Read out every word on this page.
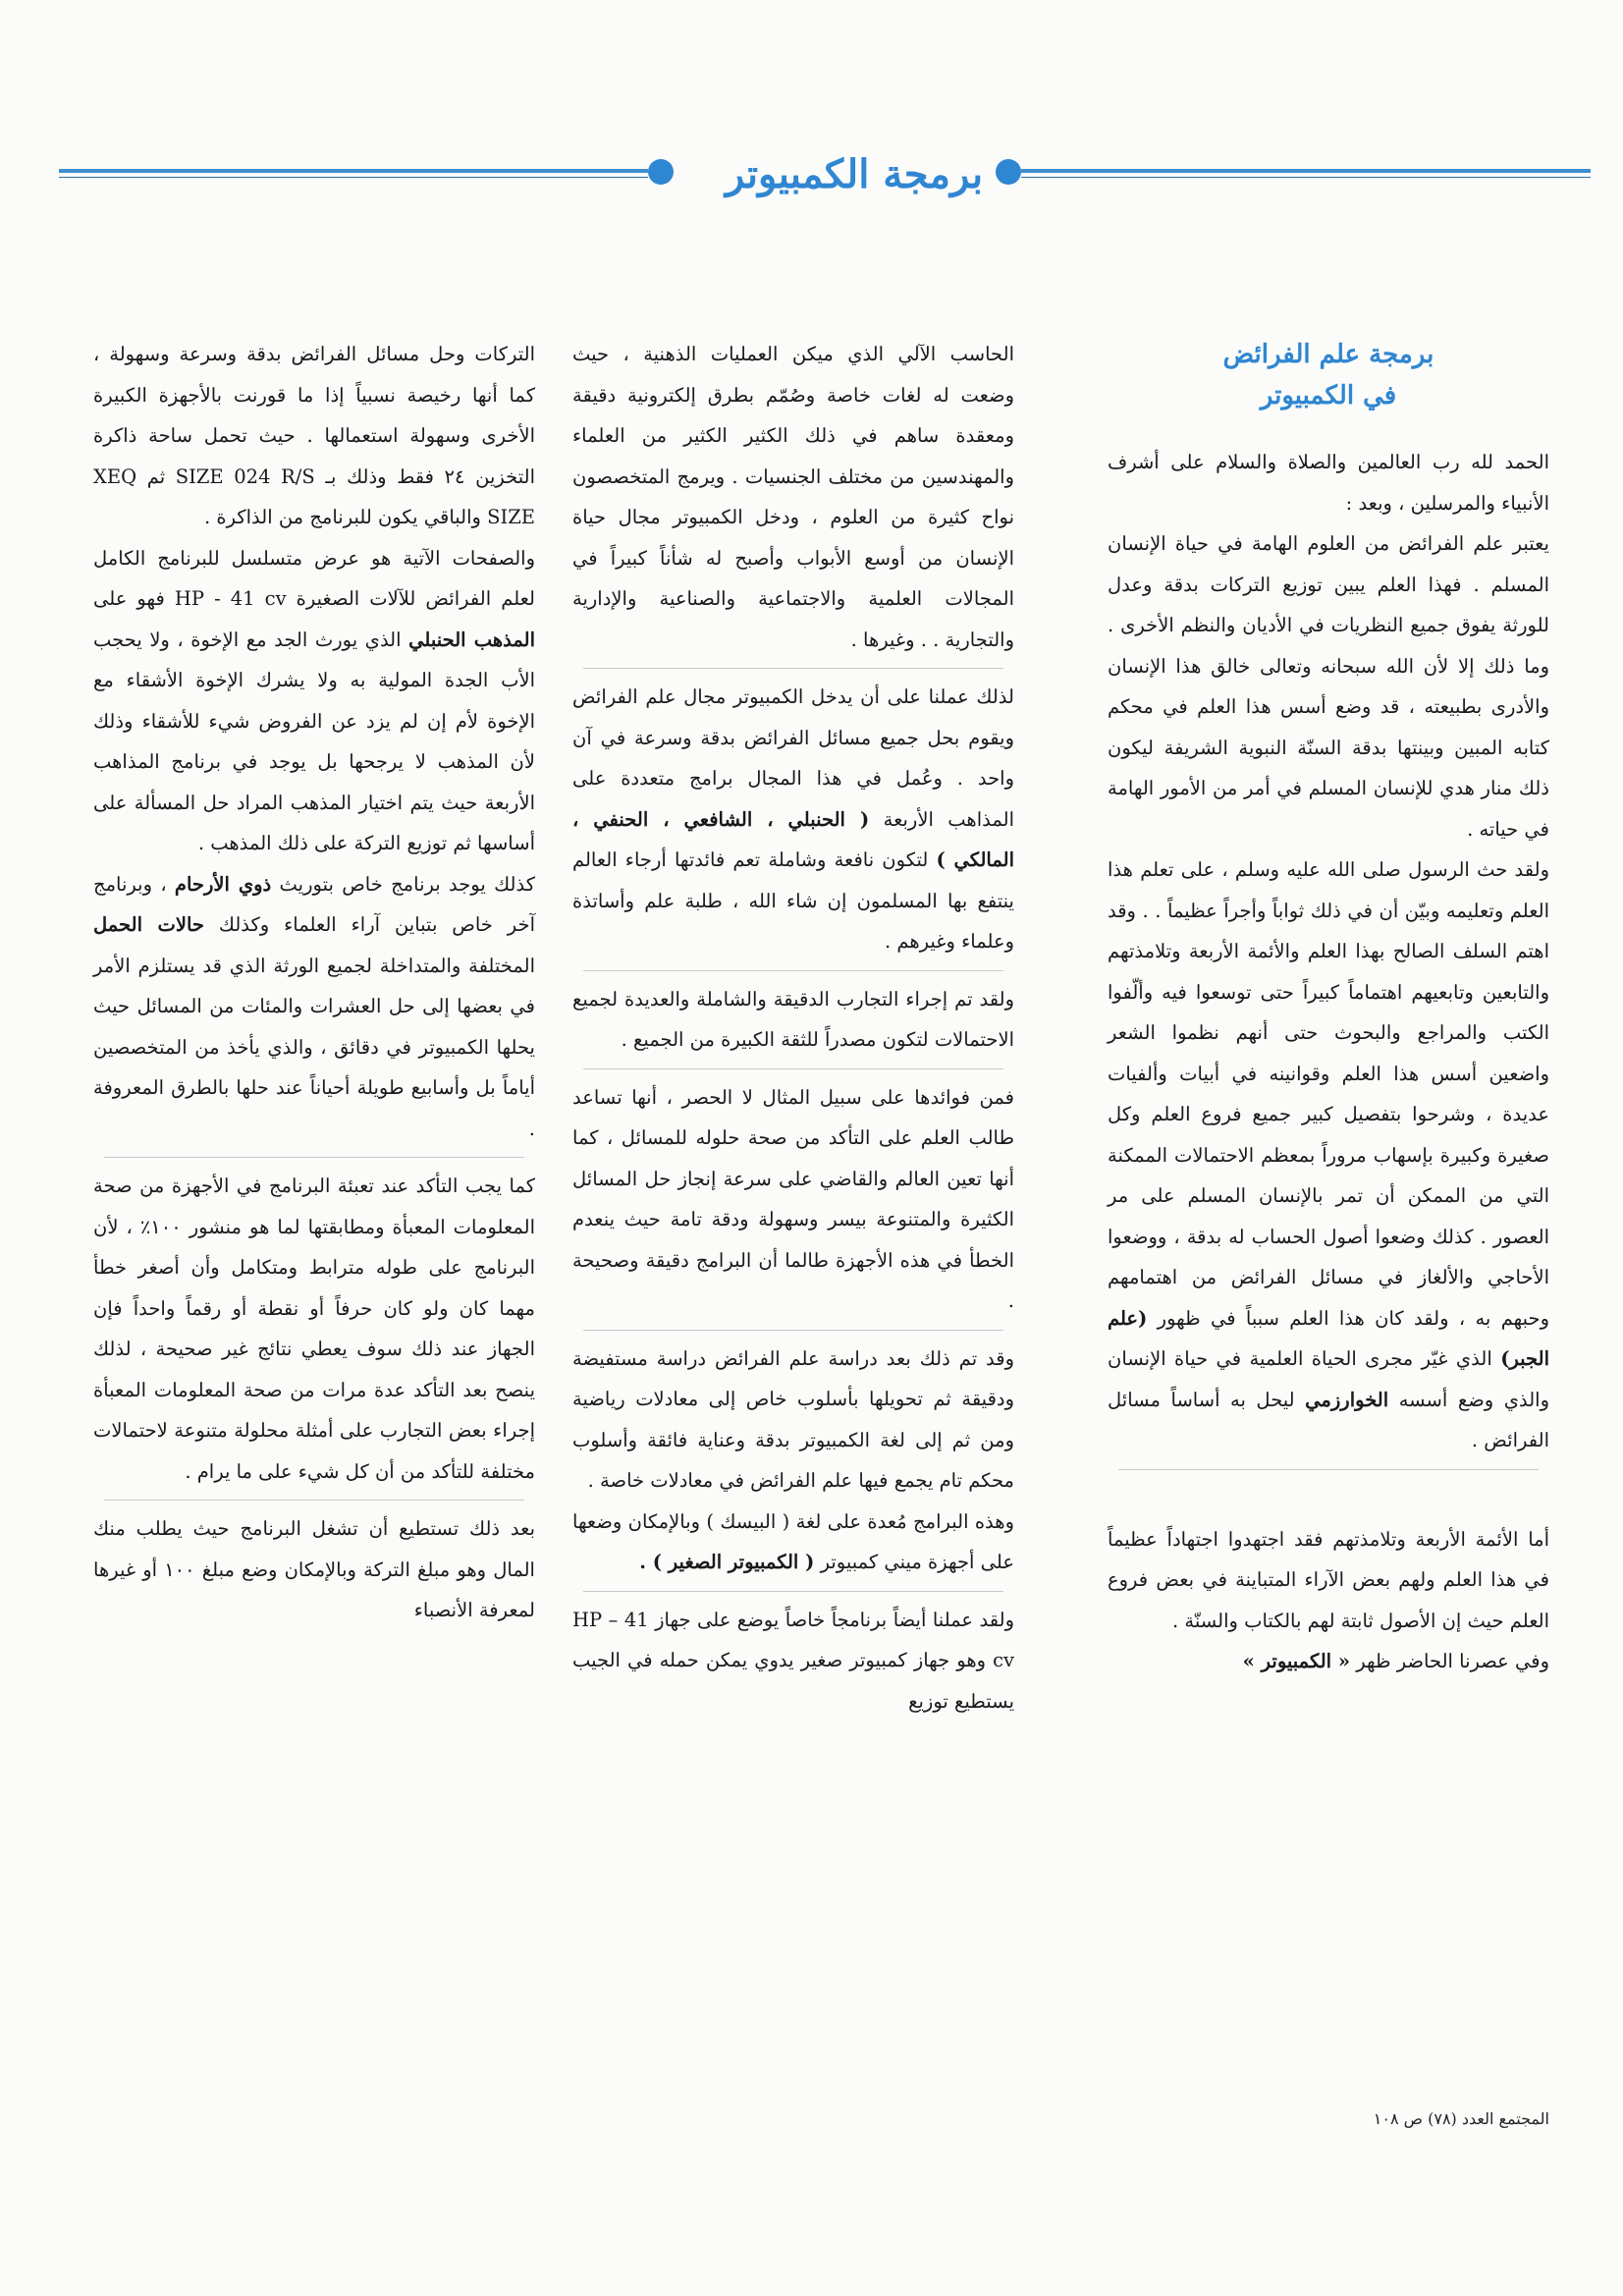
برمجة الكمبيوتر
برمجة علم الفرائض
في الكمبيوتر

الحمد لله رب العالمين والصلاة والسلام على أشرف الأنبياء والمرسلين ، وبعد :

يعتبر علم الفرائض من العلوم الهامة في حياة الإنسان المسلم . فهذا العلم يبين توزيع التركات بدقة وعدل للورثة يفوق جميع النظريات في الأديان والنظم الأخرى . وما ذلك إلا لأن الله سبحانه وتعالى خالق هذا الإنسان والأدرى بطبيعته ، قد وضع أسس هذا العلم في محكم كتابه المبين وبينتها بدقة السنّة النبوية الشريفة ليكون ذلك منار هدي للإنسان المسلم في أمر من الأمور الهامة في حياته .

ولقد حث الرسول صلى الله عليه وسلم ، على تعلم هذا العلم وتعليمه وبيّن أن في ذلك ثواباً وأجراً عظيماً . . وقد اهتم السلف الصالح بهذا العلم والأئمة الأربعة وتلامذتهم والتابعين وتابعيهم اهتماماً كبيراً حتى توسعوا فيه وألّفوا الكتب والمراجع والبحوث حتى أنهم نظموا الشعر واضعين أسس هذا العلم وقوانينه في أبيات وألفيات عديدة ، وشرحوا بتفصيل كبير جميع فروع العلم وكل صغيرة وكبيرة بإسهاب مروراً بمعظم الاحتمالات الممكنة التي من الممكن أن تمر بالإنسان المسلم على مر العصور . كذلك وضعوا أصول الحساب له بدقة ، ووضعوا الأحاجي والألغاز في مسائل الفرائض من اهتمامهم وحبهم به ، ولقد كان هذا العلم سبباً في ظهور (علم الجبر) الذي غيّر مجرى الحياة العلمية في حياة الإنسان والذي وضع أسسه الخوارزمي ليحل به أساساً مسائل الفرائض .

أما الأئمة الأربعة وتلامذتهم فقد اجتهدوا اجتهاداً عظيماً في هذا العلم ولهم بعض الآراء المتباينة في بعض فروع العلم حيث إن الأصول ثابتة لهم بالكتاب والسنّة .

وفي عصرنا الحاضر ظهر « الكمبيوتر »

الحاسب الآلي الذي ميكن العمليات الذهنية ، حيث وضعت له لغات خاصة وصُمّم بطرق إلكترونية دقيقة ومعقدة ساهم في ذلك الكثير الكثير من العلماء والمهندسين من مختلف الجنسيات . ويرمج المتخصصون نواح كثيرة من العلوم ، ودخل الكمبيوتر مجال حياة الإنسان من أوسع الأبواب وأصبح له شأناً كبيراً في المجالات العلمية والاجتماعية والصناعية والإدارية والتجارية . . وغيرها .

لذلك عملنا على أن يدخل الكمبيوتر مجال علم الفرائض ويقوم بحل جميع مسائل الفرائض بدقة وسرعة في آن واحد . وعُمل في هذا المجال برامج متعددة على المذاهب الأربعة ( الحنبلي ، الشافعي ، الحنفي ، المالكي ) لتكون نافعة وشاملة تعم فائدتها أرجاء العالم ينتفع بها المسلمون إن شاء الله ، طلبة علم وأساتذة وعلماء وغيرهم .

ولقد تم إجراء التجارب الدقيقة والشاملة والعديدة لجميع الاحتمالات لتكون مصدراً للثقة الكبيرة من الجميع .

فمن فوائدها على سبيل المثال لا الحصر ، أنها تساعد طالب العلم على التأكد من صحة حلوله للمسائل ، كما أنها تعين العالم والقاضي على سرعة إنجاز حل المسائل الكثيرة والمتنوعة بيسر وسهولة ودقة تامة حيث ينعدم الخطأ في هذه الأجهزة طالما أن البرامج دقيقة وصحيحة .

وقد تم ذلك بعد دراسة علم الفرائض دراسة مستفيضة ودقيقة ثم تحويلها بأسلوب خاص إلى معادلات رياضية ومن ثم إلى لغة الكمبيوتر بدقة وعناية فائقة وأسلوب محكم تام يجمع فيها علم الفرائض في معادلات خاصة .

وهذه البرامج مُعدة على لغة ( البيسك ) وبالإمكان وضعها على أجهزة ميني كمبيوتر ( الكمبيوتر الصغير ) .

ولقد عملنا أيضاً برنامجاً خاصاً يوضع على جهاز HP – 41 cv وهو جهاز كمبيوتر صغير يدوي يمكن حمله في الجيب يستطيع توزيع

التركات وحل مسائل الفرائض بدقة وسرعة وسهولة ، كما أنها رخيصة نسبياً إذا ما قورنت بالأجهزة الكبيرة الأخرى وسهولة استعمالها . حيث تحمل ساحة ذاكرة التخزين ٢٤ فقط وذلك بـ SIZE 024 R/S ثم XEQ SIZE والباقي يكون للبرنامج من الذاكرة .

والصفحات الآتية هو عرض متسلسل للبرنامج الكامل لعلم الفرائض للآلات الصغيرة HP - 41 cv فهو على المذهب الحنبلي الذي يورث الجد مع الإخوة ، ولا يحجب الأب الجدة المولية به ولا يشرك الإخوة الأشقاء مع الإخوة لأم إن لم يزد عن الفروض شيء للأشقاء وذلك لأن المذهب لا يرجحها بل يوجد في برنامج المذاهب الأربعة حيث يتم اختيار المذهب المراد حل المسألة على أساسها ثم توزيع التركة على ذلك المذهب .

كذلك يوجد برنامج خاص بتوريث ذوي الأرحام ، وبرنامج آخر خاص بتباين آراء العلماء وكذلك حالات الحمل المختلفة والمتداخلة لجميع الورثة الذي قد يستلزم الأمر في بعضها إلى حل العشرات والمئات من المسائل حيث يحلها الكمبيوتر في دقائق ، والذي يأخذ من المتخصصين أياماً بل وأسابيع طويلة أحياناً عند حلها بالطرق المعروفة .

كما يجب التأكد عند تعبئة البرنامج في الأجهزة من صحة المعلومات المعبأة ومطابقتها لما هو منشور ١٠٠٪ ، لأن البرنامج على طوله مترابط ومتكامل وأن أصغر خطأ مهما كان ولو كان حرفاً أو نقطة أو رقماً واحداً فإن الجهاز عند ذلك سوف يعطي نتائج غير صحيحة ، لذلك ينصح بعد التأكد عدة مرات من صحة المعلومات المعبأة إجراء بعض التجارب على أمثلة محلولة متنوعة لاحتمالات مختلفة للتأكد من أن كل شيء على ما يرام .

بعد ذلك تستطيع أن تشغل البرنامج حيث يطلب منك المال وهو مبلغ التركة وبالإمكان وضع مبلغ ١٠٠ أو غيرها لمعرفة الأنصباء

المجتمع العدد (٧٨) ص ١٠٨
